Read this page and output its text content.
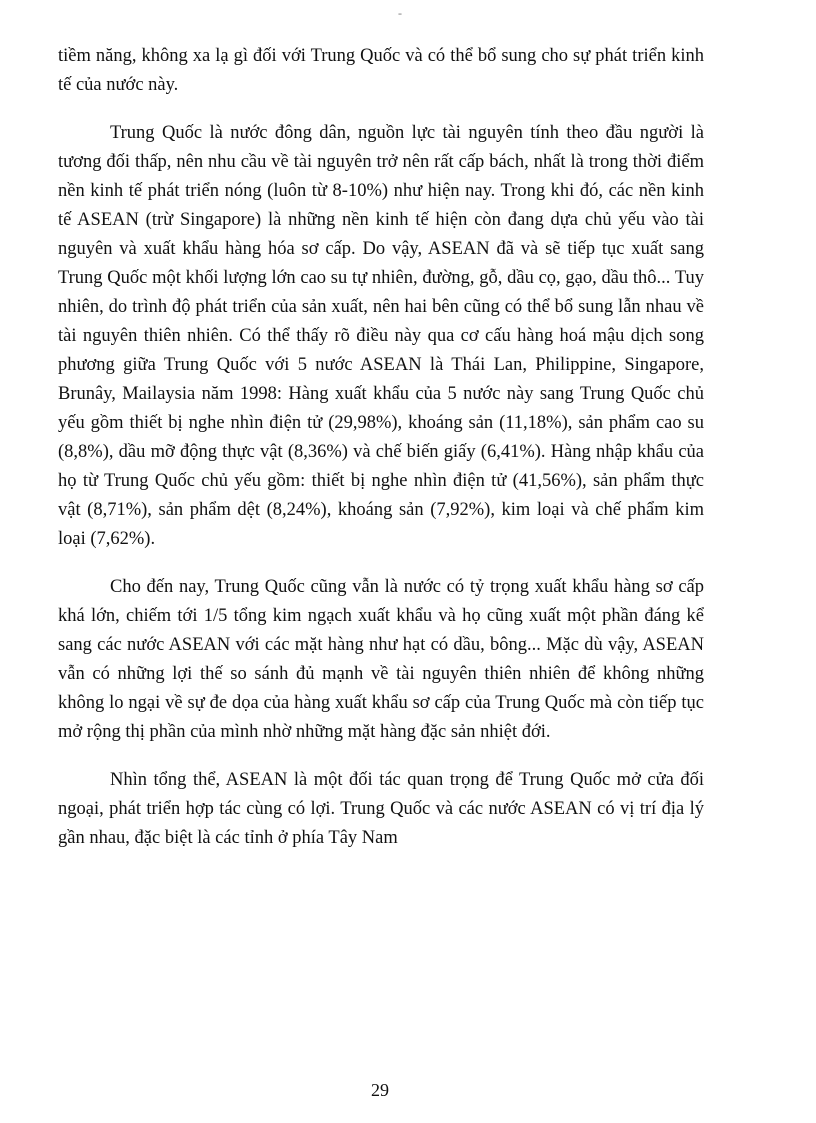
-

tiềm năng, không xa lạ gì đối với Trung Quốc và có thể bổ sung cho sự phát triển kinh tế của nước này.

Trung Quốc là nước đông dân, nguồn lực tài nguyên tính theo đầu người là tương đối thấp, nên nhu cầu về tài nguyên trở nên rất cấp bách, nhất là trong thời điểm nền kinh tế phát triển nóng (luôn từ 8-10%) như hiện nay. Trong khi đó, các nền kinh tế ASEAN (trừ Singapore) là những nền kinh tế hiện còn đang dựa chủ yếu vào tài nguyên và xuất khẩu hàng hóa sơ cấp. Do vậy, ASEAN đã và sẽ tiếp tục xuất sang Trung Quốc một khối lượng lớn cao su tự nhiên, đường, gỗ, dầu cọ, gạo, dầu thô... Tuy nhiên, do trình độ phát triển của sản xuất, nên hai bên cũng có thể bổ sung lẫn nhau về tài nguyên thiên nhiên. Có thể thấy rõ điều này qua cơ cấu hàng hoá mậu dịch song phương giữa Trung Quốc với 5 nước ASEAN là Thái Lan, Philippine, Singapore, Brunây, Mailaysia năm 1998: Hàng xuất khẩu của 5 nước này sang Trung Quốc chủ yếu gồm thiết bị nghe nhìn điện tử (29,98%), khoáng sản (11,18%), sản phẩm cao su (8,8%), dầu mỡ động thực vật (8,36%) và chế biến giấy (6,41%). Hàng nhập khẩu của họ từ Trung Quốc chủ yếu gồm: thiết bị nghe nhìn điện tử (41,56%), sản phẩm thực vật (8,71%), sản phẩm dệt (8,24%), khoáng sản (7,92%), kim loại và chế phẩm kim loại (7,62%).

Cho đến nay, Trung Quốc cũng vẫn là nước có tỷ trọng xuất khẩu hàng sơ cấp khá lớn, chiếm tới 1/5 tổng kim ngạch xuất khẩu và họ cũng xuất một phần đáng kể sang các nước ASEAN với các mặt hàng như hạt có dầu, bông... Mặc dù vậy, ASEAN vẫn có những lợi thế so sánh đủ mạnh về tài nguyên thiên nhiên để không những không lo ngại về sự đe dọa của hàng xuất khẩu sơ cấp của Trung Quốc mà còn tiếp tục mở rộng thị phần của mình nhờ những mặt hàng đặc sản nhiệt đới.

Nhìn tổng thể, ASEAN là một đối tác quan trọng để Trung Quốc mở cửa đối ngoại, phát triển hợp tác cùng có lợi. Trung Quốc và các nước ASEAN có vị trí địa lý gần nhau, đặc biệt là các tỉnh ở phía Tây Nam

29
